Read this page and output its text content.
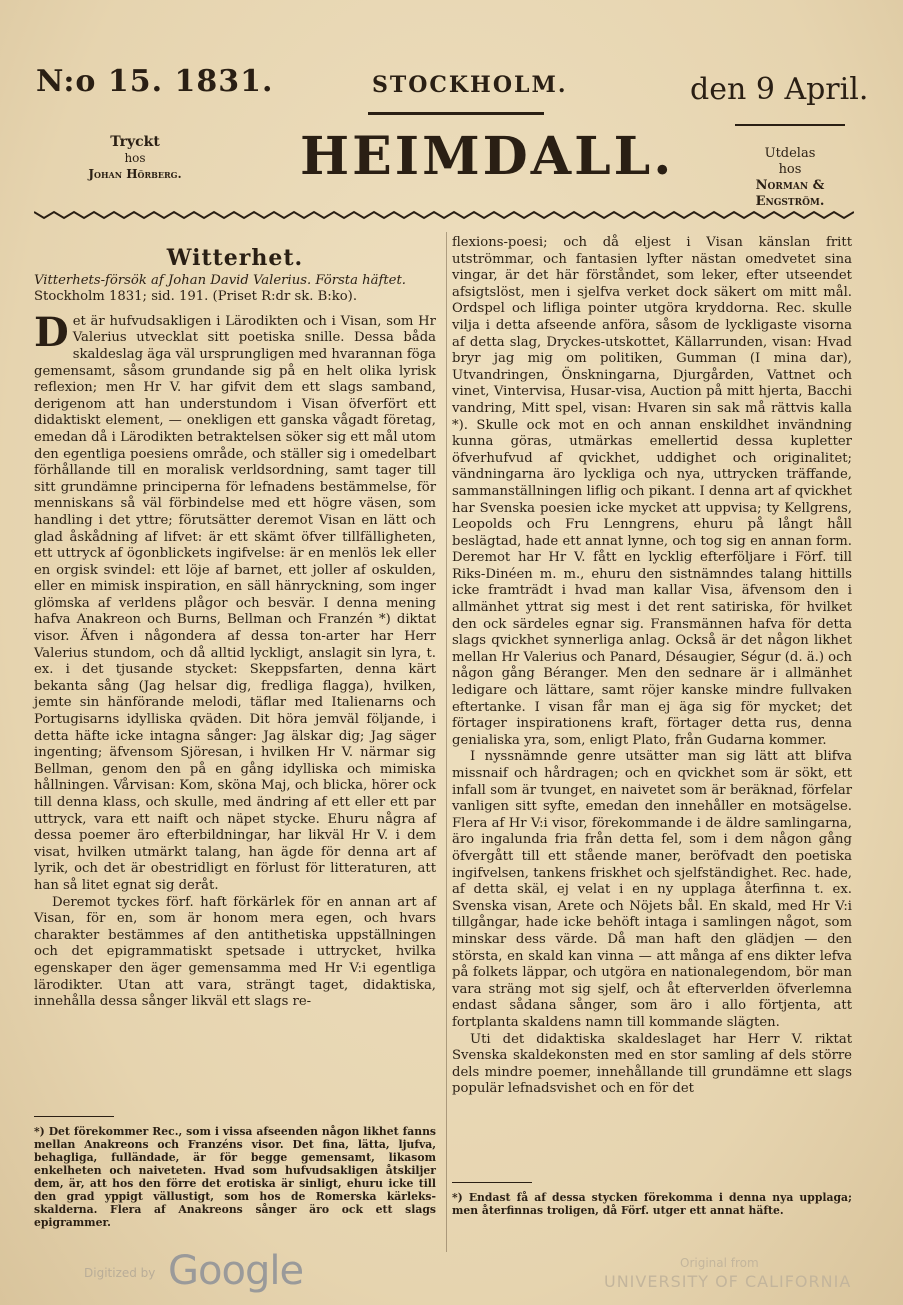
N:o 15. 1831.	STOCKHOLM.	den 9 April.
Tryckt
hos
Johan Hörberg.	HEIMDALL.	Utdelas
hos
Norman & Engström.
Witterhet.

Vitterhets-försök af Johan David Valerius. Första häftet.

Stockholm 1831; sid. 191. (Priset R:dr sk. B:ko).

Det är hufvudsakligen i Lärodikten och i Visan, som Hr Valerius utvecklat sitt poetiska snille. Dessa båda skaldeslag äga väl ursprungligen med hvarannan föga gemensamt, såsom grundande sig på en helt olika lyrisk reflexion; men Hr V. har gifvit dem ett slags samband, derigenom att han understundom i Visan öfverfört ett didaktiskt element, — onekligen ett ganska vågadt företag, emedan då i Lärodikten betraktelsen söker sig ett mål utom den egentliga poesiens område, och ställer sig i omedelbart förhållande till en moralisk verldsordning, samt tager till sitt grundämne principerna för lefnadens bestämmelse, för menniskans så väl förbindelse med ett högre väsen, som handling i det yttre; förutsätter deremot Visan en lätt och glad åskådning af lifvet: är ett skämt öfver tillfälligheten, ett uttryck af ögonblickets ingifvelse: är en menlös lek eller en orgisk svindel: ett löje af barnet, ett joller af oskulden, eller en mimisk inspiration, en säll hänryckning, som inger glömska af verldens plågor och besvär. I denna mening hafva Anakreon och Burns, Bellman och Franzén *) diktat visor. Äfven i någondera af dessa ton-arter har Herr Valerius stundom, och då alltid lyckligt, anslagit sin lyra, t. ex. i det tjusande stycket: Skeppsfarten, denna kärt bekanta sång (Jag helsar dig, fredliga flagga), hvilken, jemte sin hänförande melodi, täflar med Italienarns och Portugisarns idylliska qväden. Dit höra jemväl följande, i detta häfte icke intagna sånger: Jag älskar dig; Jag säger ingenting; äfvensom Sjöresan, i hvilken Hr V. närmar sig Bellman, genom den på en gång idylliska och mimiska hållningen. Vårvisan: Kom, sköna Maj, och blicka, hörer ock till denna klass, och skulle, med ändring af ett eller ett par uttryck, vara ett naift och näpet stycke. Ehuru några af dessa poemer äro efterbildningar, har likväl Hr V. i dem visat, hvilken utmärkt talang, han ägde för denna art af lyrik, och det är obestridligt en förlust för litteraturen, att han så litet egnat sig deråt.

Deremot tyckes förf. haft förkärlek för en annan art af Visan, för en, som är honom mera egen, och hvars charakter bestämmes af den antithetiska uppställningen och det epigrammatiskt spetsade i uttrycket, hvilka egenskaper den äger gemensamma med Hr V:i egentliga lärodikter. Utan att vara, strängt taget, didaktiska, innehålla dessa sånger likväl ett slags re-

*) Det förekommer Rec., som i vissa afseenden någon likhet fanns mellan Anakreons och Franzéns visor. Det fina, lätta, ljufva, behagliga, fulländade, är för begge gemensamt, likasom enkelheten och naiveteten. Hvad som hufvudsakligen åtskiljer dem, är, att hos den förre det erotiska är sinligt, ehuru icke till den grad yppigt vällustigt, som hos de Romerska kärleks-skalderna. Flera af Anakreons sånger äro ock ett slags epigrammer.

flexions-poesi; och då eljest i Visan känslan fritt utströmmar, och fantasien lyfter nästan omedvetet sina vingar, är det här förståndet, som leker, efter utseendet afsigtslöst, men i sjelfva verket dock säkert om mitt mål. Ordspel och lifliga pointer utgöra kryddorna. Rec. skulle vilja i detta afseende anföra, såsom de lyckligaste visorna af detta slag, Dryckes-utskottet, Källarrunden, visan: Hvad bryr jag mig om politiken, Gumman (I mina dar), Utvandringen, Önskningarna, Djurgården, Vattnet och vinet, Vintervisa, Husar-visa, Auction på mitt hjerta, Bacchi vandring, Mitt spel, visan: Hvaren sin sak må rättvis kalla *). Skulle ock mot en och annan enskildhet invändning kunna göras, utmärkas emellertid dessa kupletter öfverhufvud af qvickhet, uddighet och originalitet; vändningarna äro lyckliga och nya, uttrycken träffande, sammanställningen liflig och pikant. I denna art af qvickhet har Svenska poesien icke mycket att uppvisa; ty Kellgrens, Leopolds och Fru Lenngrens, ehuru på långt håll beslägtad, hade ett annat lynne, och tog sig en annan form. Deremot har Hr V. fått en lycklig efterföljare i Förf. till Riks-Dinéen m. m., ehuru den sistnämndes talang hittills icke framträdt i hvad man kallar Visa, äfvensom den i allmänhet yttrat sig mest i det rent satiriska, för hvilket den ock särdeles egnar sig. Fransmännen hafva för detta slags qvickhet synnerliga anlag. Också är det någon likhet mellan Hr Valerius och Panard, Désaugier, Ségur (d. ä.) och någon gång Béranger. Men den sednare är i allmänhet ledigare och lättare, samt röjer kanske mindre fullvaken eftertanke. I visan får man ej äga sig för mycket; det förtager inspirationens kraft, förtager detta rus, denna genialiska yra, som, enligt Plato, från Gudarna kommer.

I nyssnämnde genre utsätter man sig lätt att blifva missnaif och hårdragen; och en qvickhet som är sökt, ett infall som är tvunget, en naivetet som är beräknad, förfelar vanligen sitt syfte, emedan den innehåller en motsägelse. Flera af Hr V:i visor, förekommande i de äldre samlingarna, äro ingalunda fria från detta fel, som i dem någon gång öfvergått till ett stående maner, beröfvadt den poetiska ingifvelsen, tankens friskhet och sjelfständighet. Rec. hade, af detta skäl, ej velat i en ny upplaga återfinna t. ex. Svenska visan, Arete och Nöjets bål. En skald, med Hr V:i tillgångar, hade icke behöft intaga i samlingen något, som minskar dess värde. Då man haft den glädjen — den största, en skald kan vinna — att många af ens dikter lefva på folkets läppar, och utgöra en nationalegendom, bör man vara sträng mot sig sjelf, och åt efterverlden öfverlemna endast sådana sånger, som äro i allo förtjenta, att fortplanta skaldens namn till kommande slägten.

Uti det didaktiska skaldeslaget har Herr V. riktat Svenska skaldekonsten med en stor samling af dels större dels mindre poemer, innehållande till grundämne ett slags populär lefnadsvishet och en för det

*) Endast få af dessa stycken förekomma i denna nya upplaga; men återfinnas troligen, då Förf. utger ett annat häfte.

Digitized by Google	Original from
UNIVERSITY OF CALIFORNIA
